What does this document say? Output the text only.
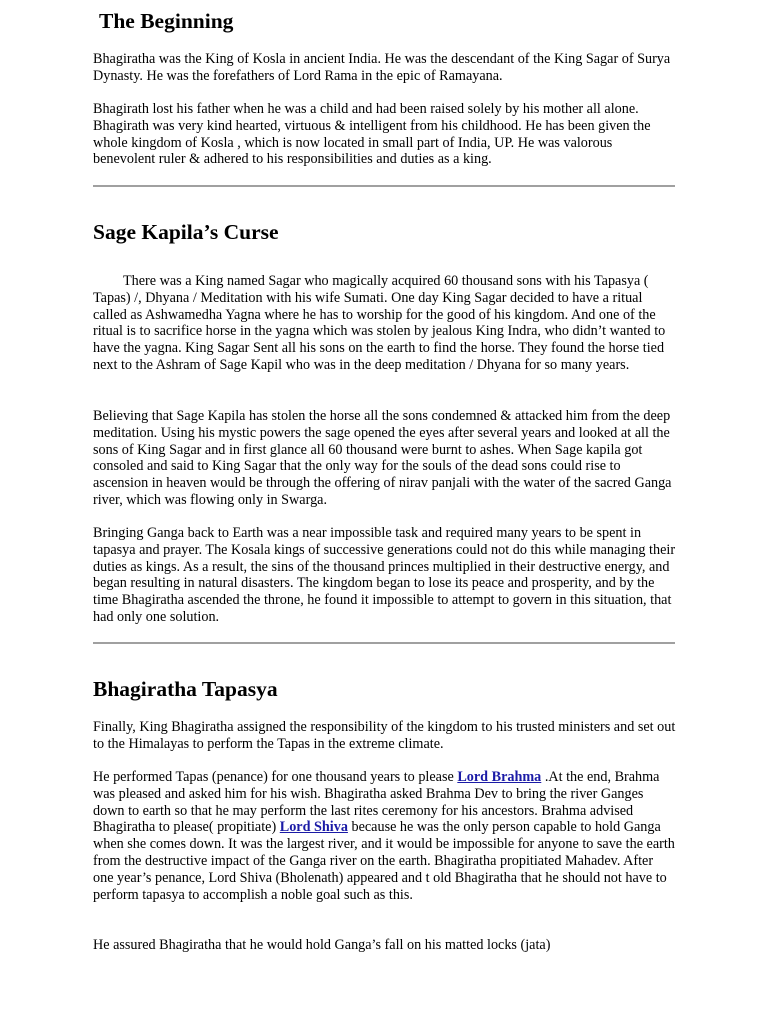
The Beginning

Bhagiratha was the King of Kosla in ancient India. He was the descendant of the King Sagar of Surya Dynasty. He was the forefathers of Lord Rama in the epic of Ramayana.

Bhagirath lost his father when he was a child and had been raised solely by his mother all alone. Bhagirath was very kind hearted, virtuous & intelligent from his childhood. He has been given the whole kingdom of Kosla , which is now located in small part of India, UP. He was valorous benevolent ruler & adhered to his responsibilities and duties as a king.

Sage Kapila’s Curse

There was a King named Sagar who magically acquired 60 thousand sons with his Tapasya ( Tapas) /, Dhyana / Meditation with his wife Sumati. One day King Sagar decided to have a ritual called as Ashwamedha Yagna where he has to worship for the good of his kingdom. And one of the ritual is to sacrifice horse in the yagna which was stolen by jealous King Indra, who didn’t wanted to have the yagna. King Sagar Sent all his sons on the earth to find the horse. They found the horse tied next to the Ashram of Sage Kapil who was in the deep meditation / Dhyana for so many years.

Believing that Sage Kapila has stolen the horse all the sons condemned & attacked him from the deep meditation. Using his mystic powers the sage opened the eyes after several years and looked at all the sons of King Sagar and in first glance all 60 thousand were burnt to ashes. When Sage kapila got consoled and said to King Sagar that the only way for the souls of the dead sons could rise to ascension in heaven would be through the offering of nirav panjali with the water of the sacred Ganga river, which was flowing only in Swarga.

Bringing Ganga back to Earth was a near impossible task and required many years to be spent in tapasya and prayer. The Kosala kings of successive generations could not do this while managing their duties as kings. As a result, the sins of the thousand princes multiplied in their destructive energy, and began resulting in natural disasters. The kingdom began to lose its peace and prosperity, and by the time Bhagiratha ascended the throne, he found it impossible to attempt to govern in this situation, that had only one solution.

Bhagiratha Tapasya

Finally, King Bhagiratha assigned the responsibility of the kingdom to his trusted ministers and set out to the Himalayas to perform the Tapas in the extreme climate.

He performed Tapas (penance) for one thousand years to please Lord Brahma .At the end, Brahma was pleased and asked him for his wish. Bhagiratha asked Brahma Dev to bring the river Ganges down to earth so that he may perform the last rites ceremony for his ancestors. Brahma advised Bhagiratha to please( propitiate) Lord Shiva because he was the only person capable to hold Ganga when she comes down. It was the largest river, and it would be impossible for anyone to save the earth from the destructive impact of the Ganga river on the earth. Bhagiratha propitiated Mahadev. After one year’s penance, Lord Shiva (Bholenath) appeared and t old Bhagiratha that he should not have to perform tapasya to accomplish a noble goal such as this.

He assured Bhagiratha that he would hold Ganga’s fall on his matted locks (jata)
